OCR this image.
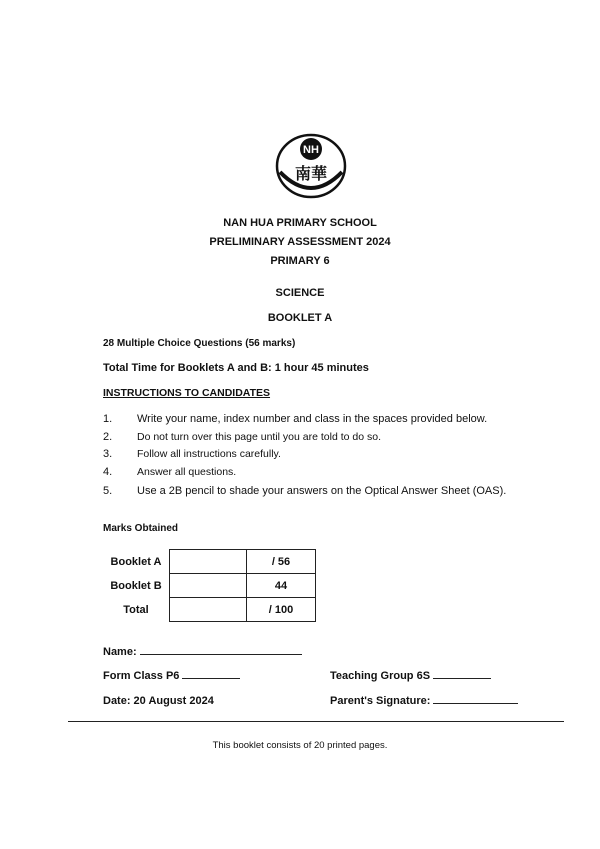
NH
南華
NAN HUA PRIMARY SCHOOL
PRELIMINARY ASSESSMENT 2024
PRIMARY 6
SCIENCE
BOOKLET A
28 Multiple Choice Questions (56 marks)
Total Time for Booklets A and B: 1 hour 45 minutes
INSTRUCTIONS TO CANDIDATES
1. Write your name, index number and class in the spaces provided below.
2. Do not turn over this page until you are told to do so.
3. Follow all instructions carefully.
4. Answer all questions.
5. Use a 2B pencil to shade your answers on the Optical Answer Sheet (OAS).
Marks Obtained
Booklet A		/ 56
Booklet B		44
Total		/ 100
Name:
Form Class P6	Teaching Group 6S
Date: 20 August 2024	Parent's Signature:
This booklet consists of 20 printed pages.
